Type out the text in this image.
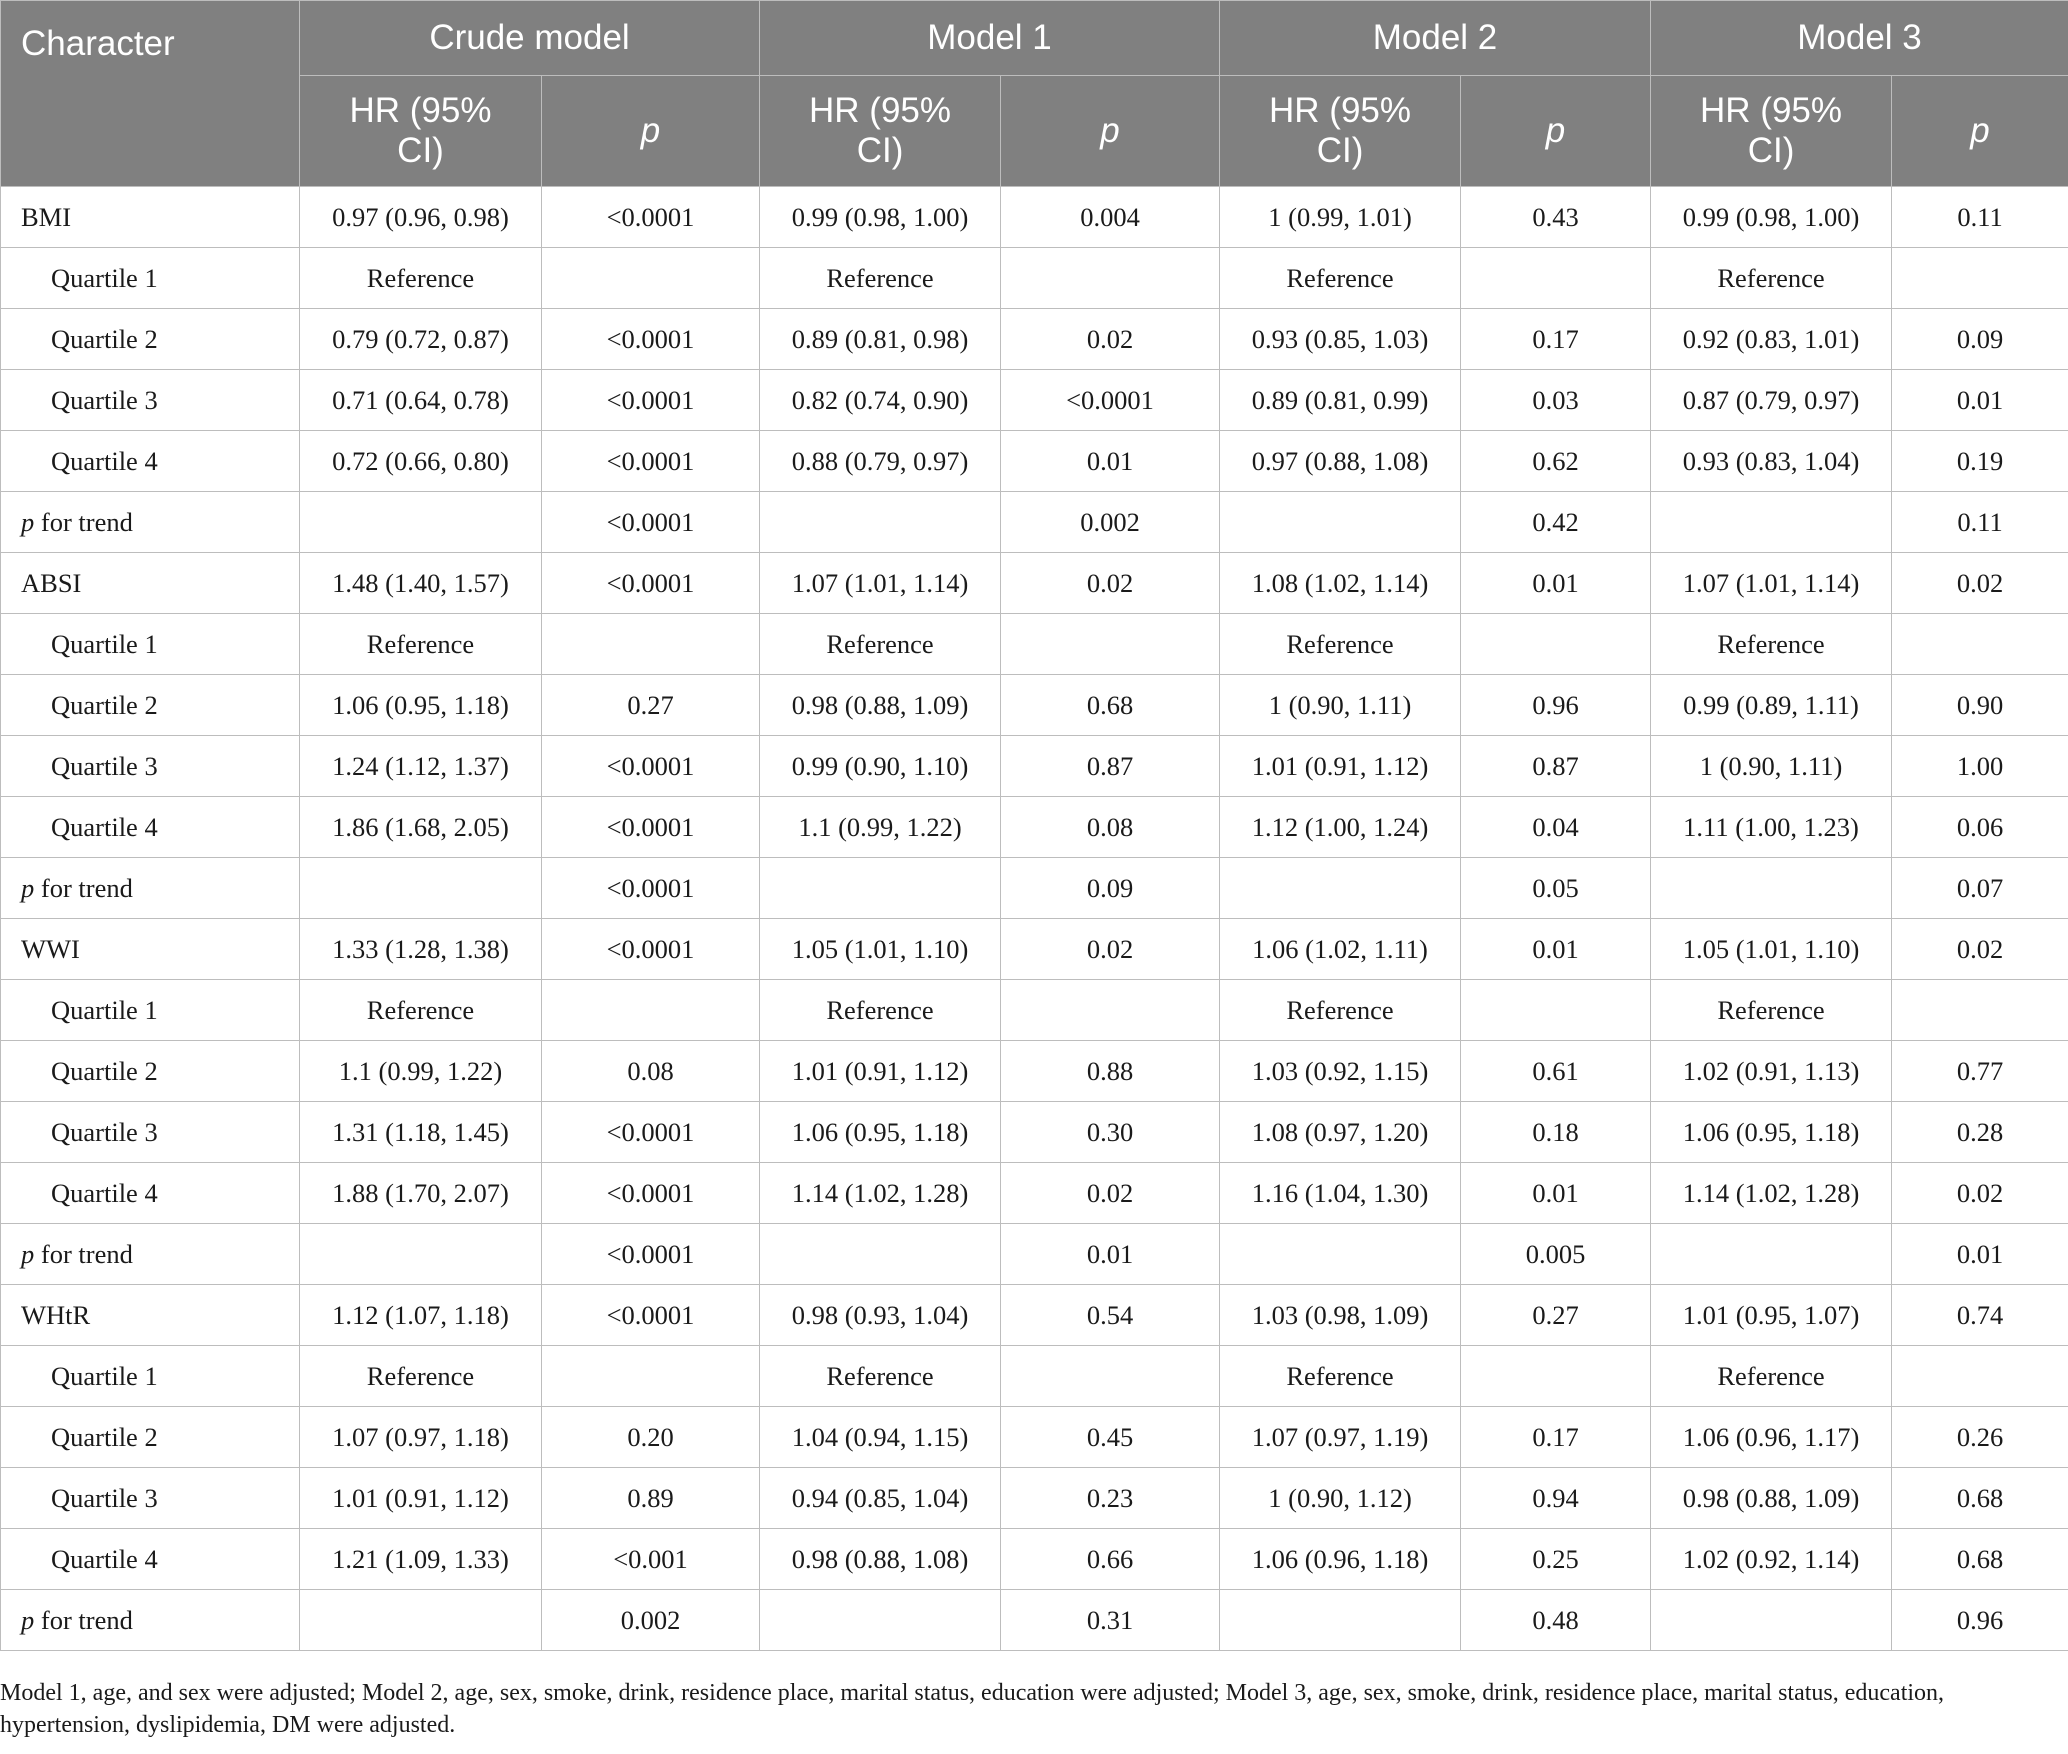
Character	Crude model		Model 1		Model 2		Model 3	
	HR (95% CI)	p	HR (95% CI)	p	HR (95% CI)	p	HR (95% CI)	p
BMI	0.97 (0.96, 0.98)	<0.0001	0.99 (0.98, 1.00)	0.004	1 (0.99, 1.01)	0.43	0.99 (0.98, 1.00)	0.11
Quartile 1	Reference		Reference		Reference		Reference	
Quartile 2	0.79 (0.72, 0.87)	<0.0001	0.89 (0.81, 0.98)	0.02	0.93 (0.85, 1.03)	0.17	0.92 (0.83, 1.01)	0.09
Quartile 3	0.71 (0.64, 0.78)	<0.0001	0.82 (0.74, 0.90)	<0.0001	0.89 (0.81, 0.99)	0.03	0.87 (0.79, 0.97)	0.01
Quartile 4	0.72 (0.66, 0.80)	<0.0001	0.88 (0.79, 0.97)	0.01	0.97 (0.88, 1.08)	0.62	0.93 (0.83, 1.04)	0.19
p for trend		<0.0001		0.002		0.42		0.11
ABSI	1.48 (1.40, 1.57)	<0.0001	1.07 (1.01, 1.14)	0.02	1.08 (1.02, 1.14)	0.01	1.07 (1.01, 1.14)	0.02
Quartile 1	Reference		Reference		Reference		Reference	
Quartile 2	1.06 (0.95, 1.18)	0.27	0.98 (0.88, 1.09)	0.68	1 (0.90, 1.11)	0.96	0.99 (0.89, 1.11)	0.90
Quartile 3	1.24 (1.12, 1.37)	<0.0001	0.99 (0.90, 1.10)	0.87	1.01 (0.91, 1.12)	0.87	1 (0.90, 1.11)	1.00
Quartile 4	1.86 (1.68, 2.05)	<0.0001	1.1 (0.99, 1.22)	0.08	1.12 (1.00, 1.24)	0.04	1.11 (1.00, 1.23)	0.06
p for trend		<0.0001		0.09		0.05		0.07
WWI	1.33 (1.28, 1.38)	<0.0001	1.05 (1.01, 1.10)	0.02	1.06 (1.02, 1.11)	0.01	1.05 (1.01, 1.10)	0.02
Quartile 1	Reference		Reference		Reference		Reference	
Quartile 2	1.1 (0.99, 1.22)	0.08	1.01 (0.91, 1.12)	0.88	1.03 (0.92, 1.15)	0.61	1.02 (0.91, 1.13)	0.77
Quartile 3	1.31 (1.18, 1.45)	<0.0001	1.06 (0.95, 1.18)	0.30	1.08 (0.97, 1.20)	0.18	1.06 (0.95, 1.18)	0.28
Quartile 4	1.88 (1.70, 2.07)	<0.0001	1.14 (1.02, 1.28)	0.02	1.16 (1.04, 1.30)	0.01	1.14 (1.02, 1.28)	0.02
p for trend		<0.0001		0.01		0.005		0.01
WHtR	1.12 (1.07, 1.18)	<0.0001	0.98 (0.93, 1.04)	0.54	1.03 (0.98, 1.09)	0.27	1.01 (0.95, 1.07)	0.74
Quartile 1	Reference		Reference		Reference		Reference	
Quartile 2	1.07 (0.97, 1.18)	0.20	1.04 (0.94, 1.15)	0.45	1.07 (0.97, 1.19)	0.17	1.06 (0.96, 1.17)	0.26
Quartile 3	1.01 (0.91, 1.12)	0.89	0.94 (0.85, 1.04)	0.23	1 (0.90, 1.12)	0.94	0.98 (0.88, 1.09)	0.68
Quartile 4	1.21 (1.09, 1.33)	<0.001	0.98 (0.88, 1.08)	0.66	1.06 (0.96, 1.18)	0.25	1.02 (0.92, 1.14)	0.68
p for trend		0.002		0.31		0.48		0.96

Model 1, age, and sex were adjusted; Model 2, age, sex, smoke, drink, residence place, marital status, education were adjusted; Model 3, age, sex, smoke, drink, residence place, marital status, education, hypertension, dyslipidemia, DM were adjusted.
